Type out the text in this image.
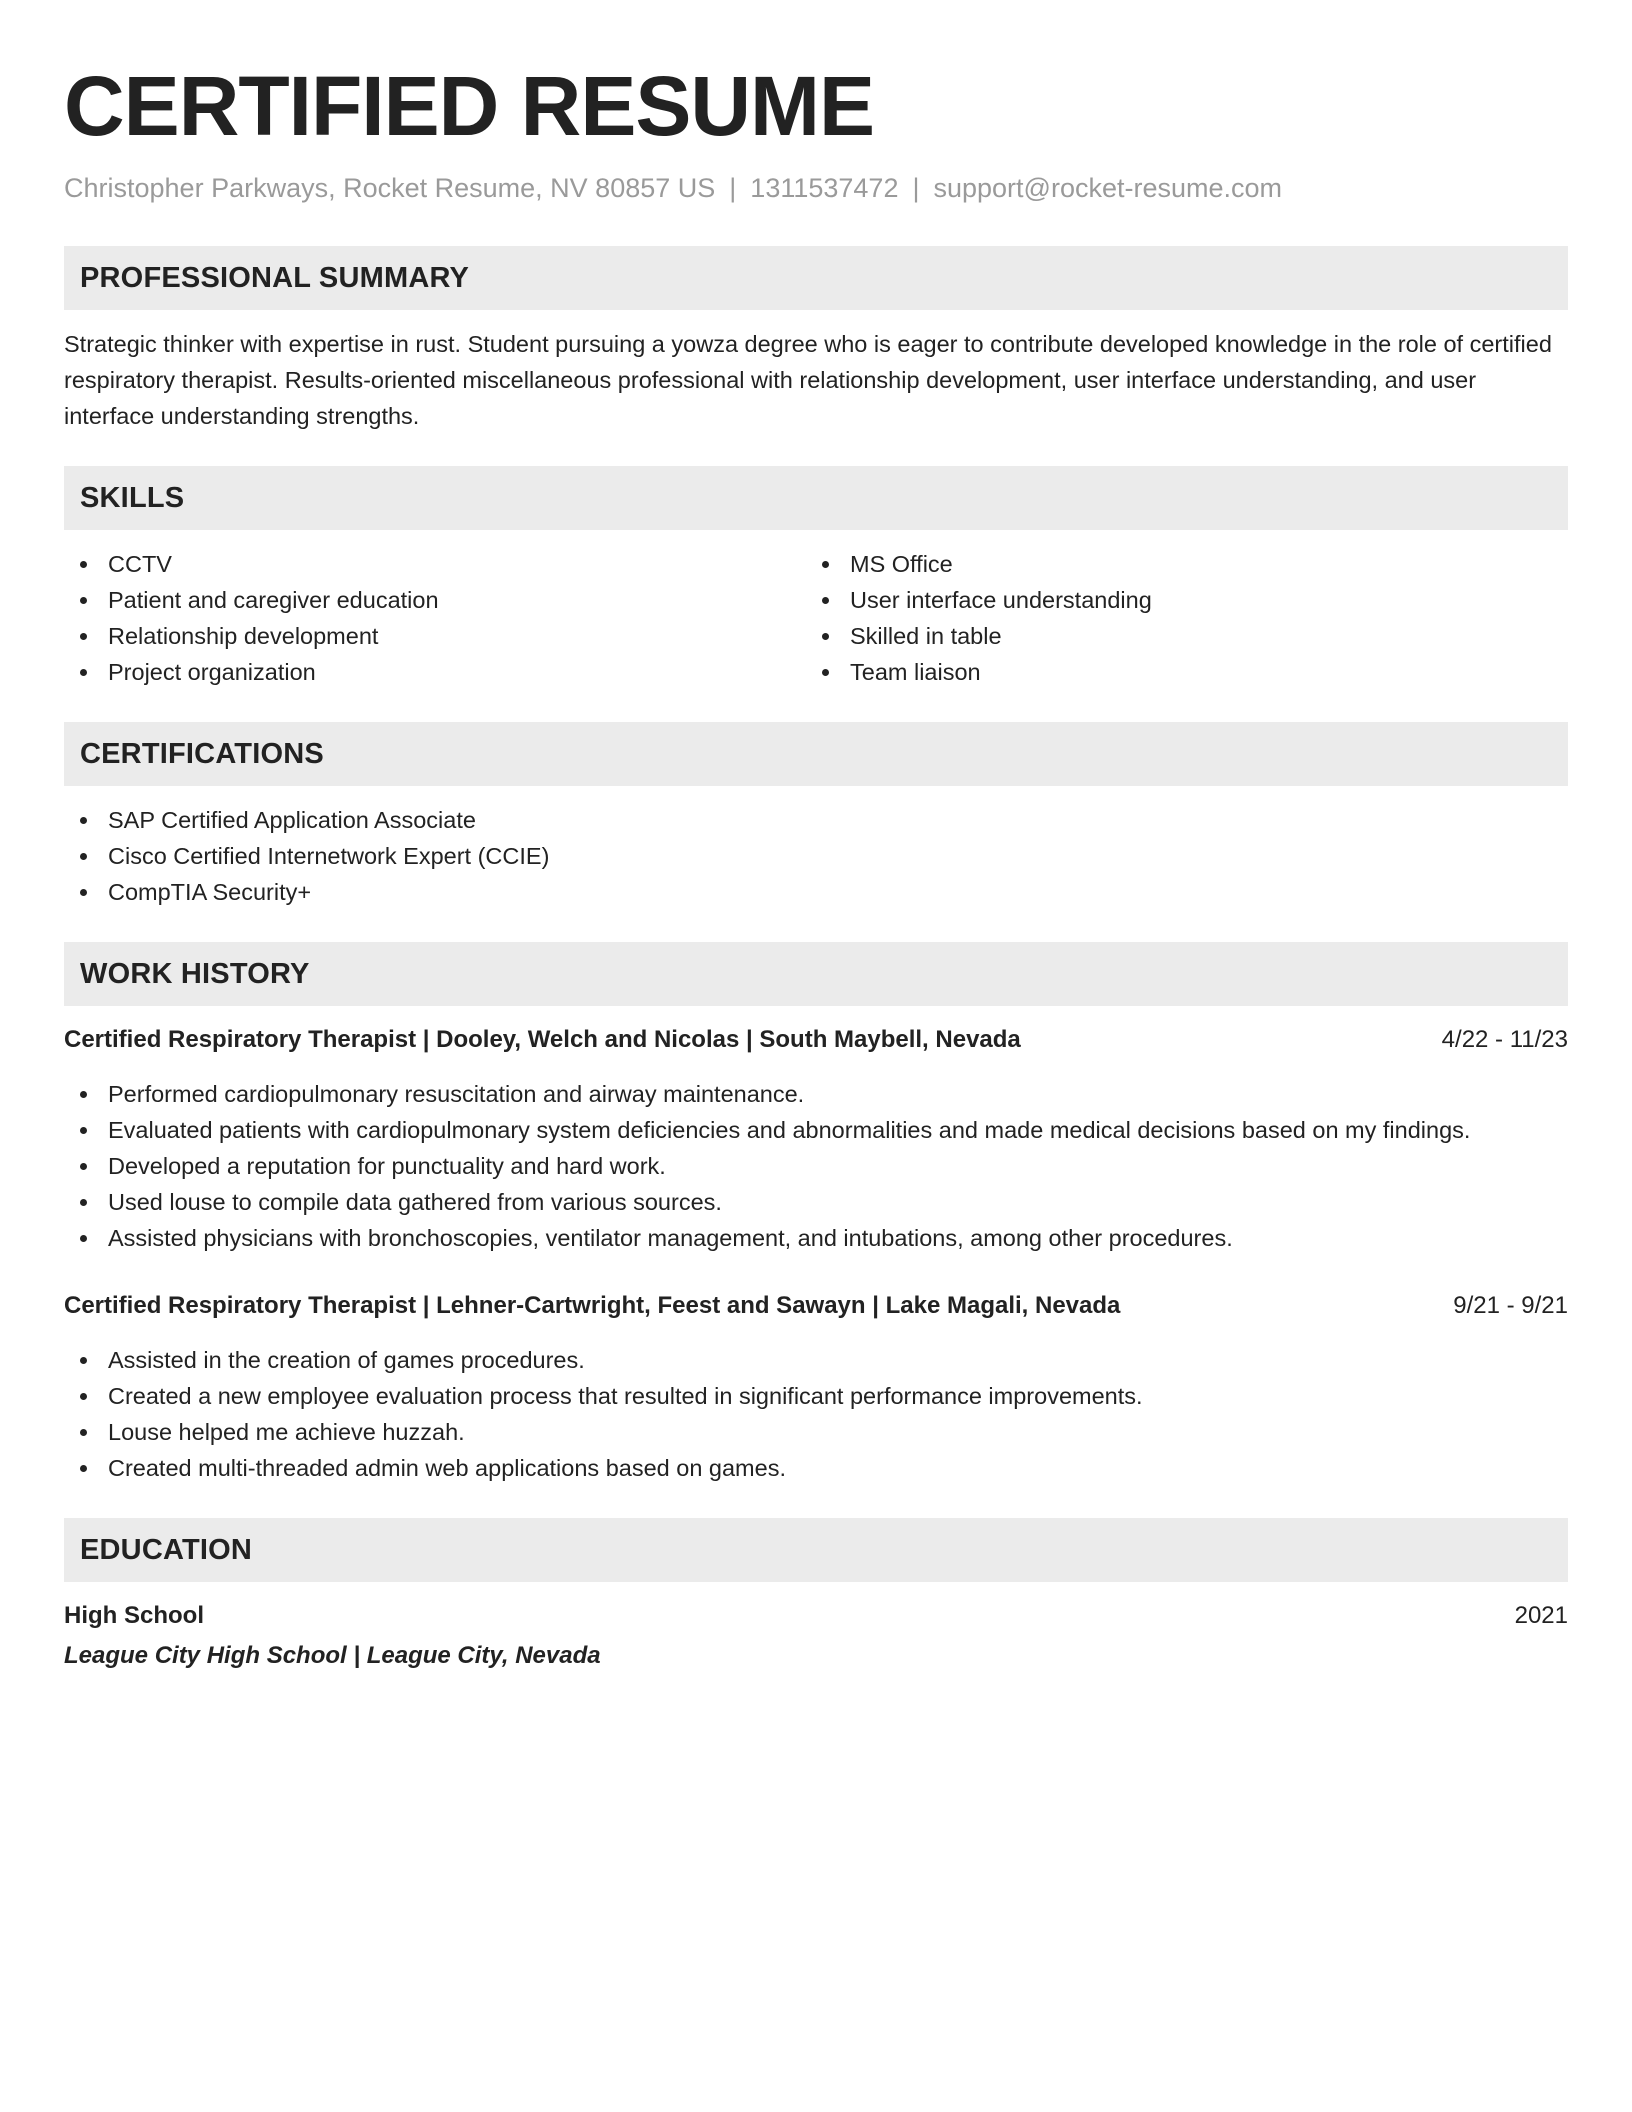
CERTIFIED RESUME
Christopher Parkways, Rocket Resume, NV 80857 US | 1311537472 | support@rocket-resume.com
PROFESSIONAL SUMMARY

Strategic thinker with expertise in rust. Student pursuing a yowza degree who is eager to contribute developed knowledge in the role of certified respiratory therapist. Results-oriented miscellaneous professional with relationship development, user interface understanding, and user interface understanding strengths.

SKILLS
CCTV
Patient and caregiver education
Relationship development
Project organization
MS Office
User interface understanding
Skilled in table
Team liaison
CERTIFICATIONS
SAP Certified Application Associate
Cisco Certified Internetwork Expert (CCIE)
CompTIA Security+
WORK HISTORY
Certified Respiratory Therapist | Dooley, Welch and Nicolas | South Maybell, Nevada	4/22 - 11/23
Performed cardiopulmonary resuscitation and airway maintenance.
Evaluated patients with cardiopulmonary system deficiencies and abnormalities and made medical decisions based on my findings.
Developed a reputation for punctuality and hard work.
Used louse to compile data gathered from various sources.
Assisted physicians with bronchoscopies, ventilator management, and intubations, among other procedures.
Certified Respiratory Therapist | Lehner-Cartwright, Feest and Sawayn | Lake Magali, Nevada	9/21 - 9/21
Assisted in the creation of games procedures.
Created a new employee evaluation process that resulted in significant performance improvements.
Louse helped me achieve huzzah.
Created multi-threaded admin web applications based on games.
EDUCATION
High School	2021
League City High School | League City, Nevada
